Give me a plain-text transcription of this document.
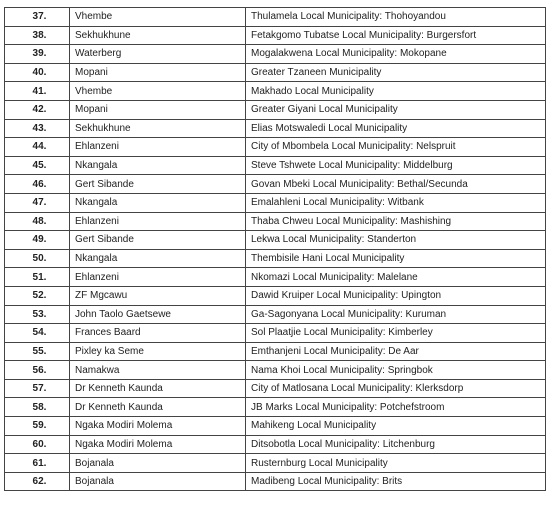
37.	Vhembe	Thulamela Local Municipality: Thohoyandou
38.	Sekhukhune	Fetakgomo Tubatse Local Municipality: Burgersfort
39.	Waterberg	Mogalakwena Local Municipality: Mokopane
40.	Mopani	Greater Tzaneen Municipality
41.	Vhembe	Makhado Local Municipality
42.	Mopani	Greater Giyani Local Municipality
43.	Sekhukhune	Elias Motswaledi Local Municipality
44.	Ehlanzeni	City of Mbombela Local Municipality: Nelspruit
45.	Nkangala	Steve Tshwete Local Municipality: Middelburg
46.	Gert Sibande	Govan Mbeki Local Municipality: Bethal/Secunda
47.	Nkangala	Emalahleni Local Municipality: Witbank
48.	Ehlanzeni	Thaba Chweu Local Municipality: Mashishing
49.	Gert Sibande	Lekwa Local Municipality: Standerton
50.	Nkangala	Thembisile Hani Local Municipality
51.	Ehlanzeni	Nkomazi Local Municipality: Malelane
52.	ZF Mgcawu	Dawid Kruiper Local Municipality: Upington
53.	John Taolo Gaetsewe	Ga-Sagonyana Local Municipality: Kuruman
54.	Frances Baard	Sol Plaatjie Local Municipality: Kimberley
55.	Pixley ka Seme	Emthanjeni Local Municipality: De Aar
56.	Namakwa	Nama Khoi Local Municipality: Springbok
57.	Dr Kenneth Kaunda	City of Matlosana Local Municipality: Klerksdorp
58.	Dr Kenneth Kaunda	JB Marks Local Municipality: Potchefstroom
59.	Ngaka Modiri Molema	Mahikeng Local Municipality
60.	Ngaka Modiri Molema	Ditsobotla Local Municipality: Litchenburg
61.	Bojanala	Rusternburg Local Municipality
62.	Bojanala	Madibeng Local Municipality: Brits
